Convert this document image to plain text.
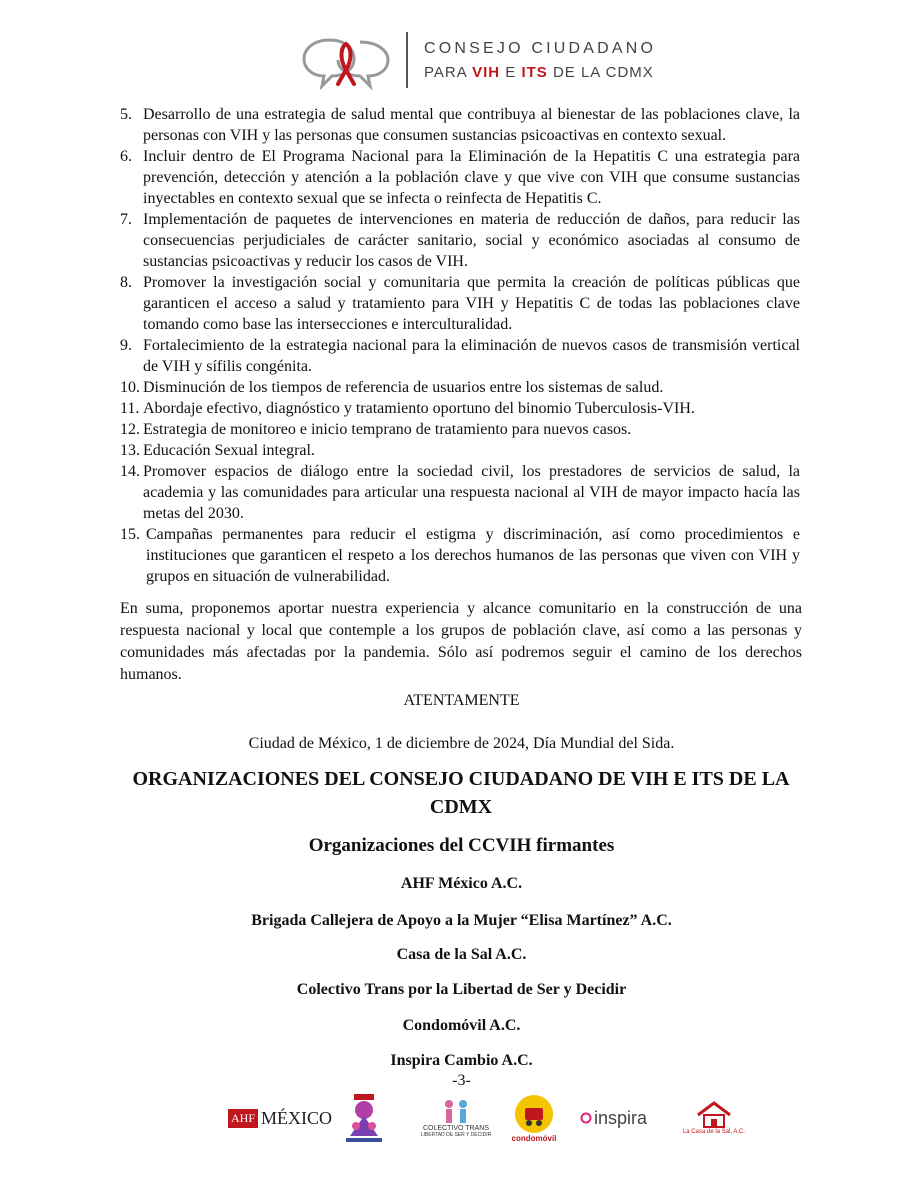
CONSEJO CIUDADANO
PARA VIH E ITS DE LA CDMX
5. Desarrollo de una estrategia de salud mental que contribuya al bienestar de las poblaciones clave, la personas con VIH y las personas que consumen sustancias psicoactivas en contexto sexual.
6. Incluir dentro de El Programa Nacional para la Eliminación de la Hepatitis C una estrategia para prevención, detección y atención a la población clave y que vive con VIH que consume sustancias inyectables en contexto sexual que se infecta o reinfecta de Hepatitis C.
7. Implementación de paquetes de intervenciones en materia de reducción de daños, para reducir las consecuencias perjudiciales de carácter sanitario, social y económico asociadas al consumo de sustancias psicoactivas y reducir los casos de VIH.
8. Promover la investigación social y comunitaria que permita la creación de políticas públicas que garanticen el acceso a salud y tratamiento para VIH y Hepatitis C de todas las poblaciones clave tomando como base las intersecciones e interculturalidad.
9. Fortalecimiento de la estrategia nacional para la eliminación de nuevos casos de transmisión vertical de VIH y sífilis congénita.
10. Disminución de los tiempos de referencia de usuarios entre los sistemas de salud.
11. Abordaje efectivo, diagnóstico y tratamiento oportuno del binomio Tuberculosis-VIH.
12. Estrategia de monitoreo e inicio temprano de tratamiento para nuevos casos.
13. Educación Sexual integral.
14. Promover espacios de diálogo entre la sociedad civil, los prestadores de servicios de salud, la academia y las comunidades para articular una respuesta nacional al VIH de mayor impacto hacía las metas del 2030.
15. Campañas permanentes para reducir el estigma y discriminación, así como procedimientos e instituciones que garanticen el respeto a los derechos humanos de las personas que viven con VIH y grupos en situación de vulnerabilidad.

En suma, proponemos aportar nuestra experiencia y alcance comunitario en la construcción de una respuesta nacional y local que contemple a los grupos de población clave, así como a las personas y comunidades más afectadas por la pandemia. Sólo así podremos seguir el camino de los derechos humanos.

ATENTAMENTE

Ciudad de México, 1 de diciembre de 2024, Día Mundial del Sida.

ORGANIZACIONES DEL CONSEJO CIUDADANO DE VIH E ITS DE LA CDMX

Organizaciones del CCVIH firmantes

AHF México A.C.

Brigada Callejera de Apoyo a la Mujer “Elisa Martínez” A.C.

Casa de la Sal A.C.

Colectivo Trans por la Libertad de Ser y Decidir

Condomóvil A.C.

Inspira Cambio A.C.

-3-

AHF MÉXICO
COLECTIVO TRANS
LIBERTAD DE SER Y DECIDIR	condomóvil
inspira
La Casa de la Sal, A.C.
